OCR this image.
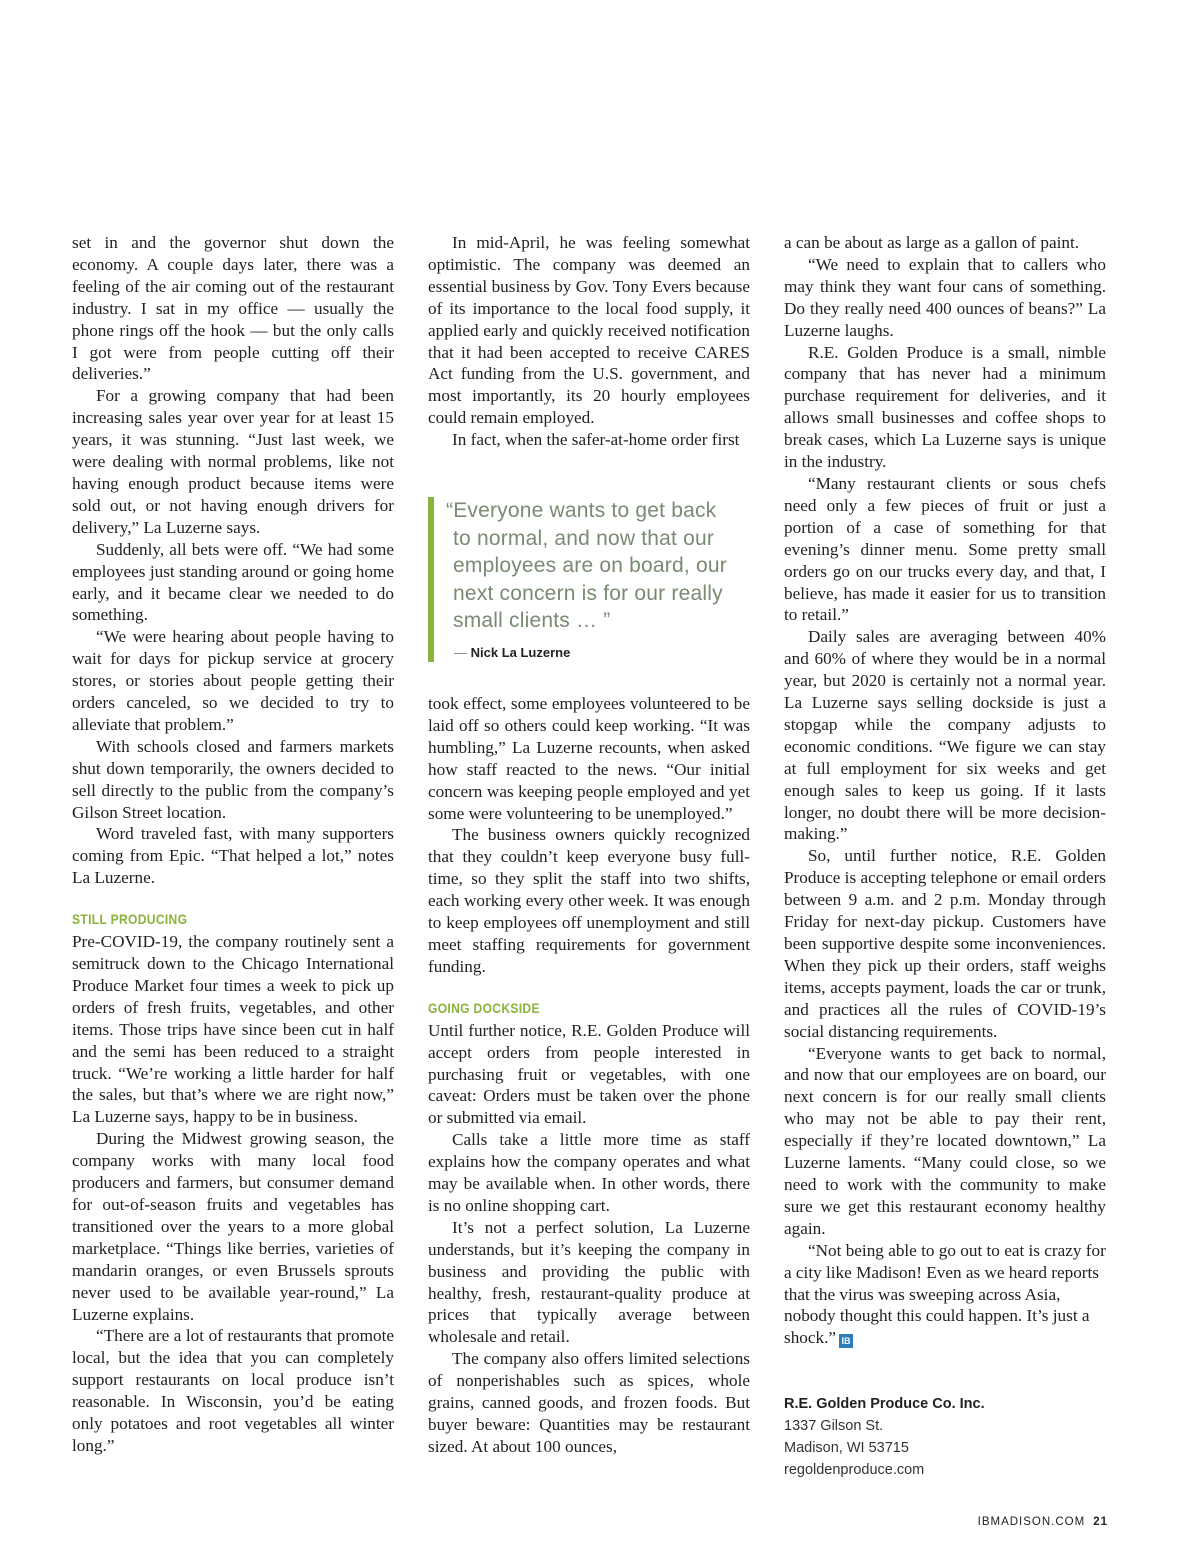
set in and the governor shut down the economy. A couple days later, there was a feeling of the air coming out of the restaurant industry. I sat in my office — usually the phone rings off the hook — but the only calls I got were from people cutting off their deliveries.”

For a growing company that had been increasing sales year over year for at least 15 years, it was stunning. “Just last week, we were dealing with normal problems, like not having enough product because items were sold out, or not having enough drivers for delivery,” La Luzerne says.

Suddenly, all bets were off. “We had some employees just standing around or going home early, and it became clear we needed to do something.

“We were hearing about people having to wait for days for pickup service at grocery stores, or stories about people getting their orders canceled, so we decided to try to alleviate that problem.”

With schools closed and farmers markets shut down temporarily, the owners decided to sell directly to the public from the company’s Gilson Street location.

Word traveled fast, with many supporters coming from Epic. “That helped a lot,” notes La Luzerne.

STILL PRODUCING

Pre-COVID-19, the company routinely sent a semitruck down to the Chicago International Produce Market four times a week to pick up orders of fresh fruits, vegetables, and other items. Those trips have since been cut in half and the semi has been reduced to a straight truck. “We’re working a little harder for half the sales, but that’s where we are right now,” La Luzerne says, happy to be in business.

During the Midwest growing season, the company works with many local food producers and farmers, but consumer demand for out-of-season fruits and vegetables has transitioned over the years to a more global marketplace. “Things like berries, varieties of mandarin oranges, or even Brussels sprouts never used to be available year-round,” La Luzerne explains.

“There are a lot of restaurants that promote local, but the idea that you can completely support restaurants on local produce isn’t reasonable. In Wisconsin, you’d be eating only potatoes and root vegetables all winter long.”

In mid-April, he was feeling somewhat optimistic. The company was deemed an essential business by Gov. Tony Evers because of its importance to the local food supply, it applied early and quickly received notification that it had been accepted to receive CARES Act funding from the U.S. government, and most importantly, its 20 hourly employees could remain employed.

In fact, when the safer-at-home order first

“Everyone wants to get back
to normal, and now that our
employees are on board, our
next concern is for our really
small clients … ”
— Nick La Luzerne

took effect, some employees volunteered to be laid off so others could keep working. “It was humbling,” La Luzerne recounts, when asked how staff reacted to the news. “Our initial concern was keeping people employed and yet some were volunteering to be unemployed.”

The business owners quickly recognized that they couldn’t keep everyone busy full-time, so they split the staff into two shifts, each working every other week. It was enough to keep employees off unemployment and still meet staffing requirements for government funding.

GOING DOCKSIDE

Until further notice, R.E. Golden Produce will accept orders from people interested in purchasing fruit or vegetables, with one caveat: Orders must be taken over the phone or submitted via email.

Calls take a little more time as staff explains how the company operates and what may be available when. In other words, there is no online shopping cart.

It’s not a perfect solution, La Luzerne understands, but it’s keeping the company in business and providing the public with healthy, fresh, restaurant-quality produce at prices that typically average between wholesale and retail.

The company also offers limited selections of nonperishables such as spices, whole grains, canned goods, and frozen foods. But buyer beware: Quantities may be restaurant sized. At about 100 ounces,

a can be about as large as a gallon of paint.

“We need to explain that to callers who may think they want four cans of something. Do they really need 400 ounces of beans?” La Luzerne laughs.

R.E. Golden Produce is a small, nimble company that has never had a minimum purchase requirement for deliveries, and it allows small businesses and coffee shops to break cases, which La Luzerne says is unique in the industry.

“Many restaurant clients or sous chefs need only a few pieces of fruit or just a portion of a case of something for that evening’s dinner menu. Some pretty small orders go on our trucks every day, and that, I believe, has made it easier for us to transition to retail.”

Daily sales are averaging between 40% and 60% of where they would be in a normal year, but 2020 is certainly not a normal year. La Luzerne says selling dockside is just a stopgap while the company adjusts to economic conditions. “We figure we can stay at full employment for six weeks and get enough sales to keep us going. If it lasts longer, no doubt there will be more decision-making.”

So, until further notice, R.E. Golden Produce is accepting telephone or email orders between 9 a.m. and 2 p.m. Monday through Friday for next-day pickup. Customers have been supportive despite some inconveniences. When they pick up their orders, staff weighs items, accepts payment, loads the car or trunk, and practices all the rules of COVID-19’s social distancing requirements.

“Everyone wants to get back to normal, and now that our employees are on board, our next concern is for our really small clients who may not be able to pay their rent, especially if they’re located downtown,” La Luzerne laments. “Many could close, so we need to work with the community to make sure we get this restaurant economy healthy again.

“Not being able to go out to eat is crazy for a city like Madison! Even as we heard reports that the virus was sweeping across Asia, nobody thought this could happen. It’s just a shock.” IB

R.E. Golden Produce Co. Inc.
1337 Gilson St.
Madison, WI 53715
regoldenproduce.com
IBMADISON.COM 21
